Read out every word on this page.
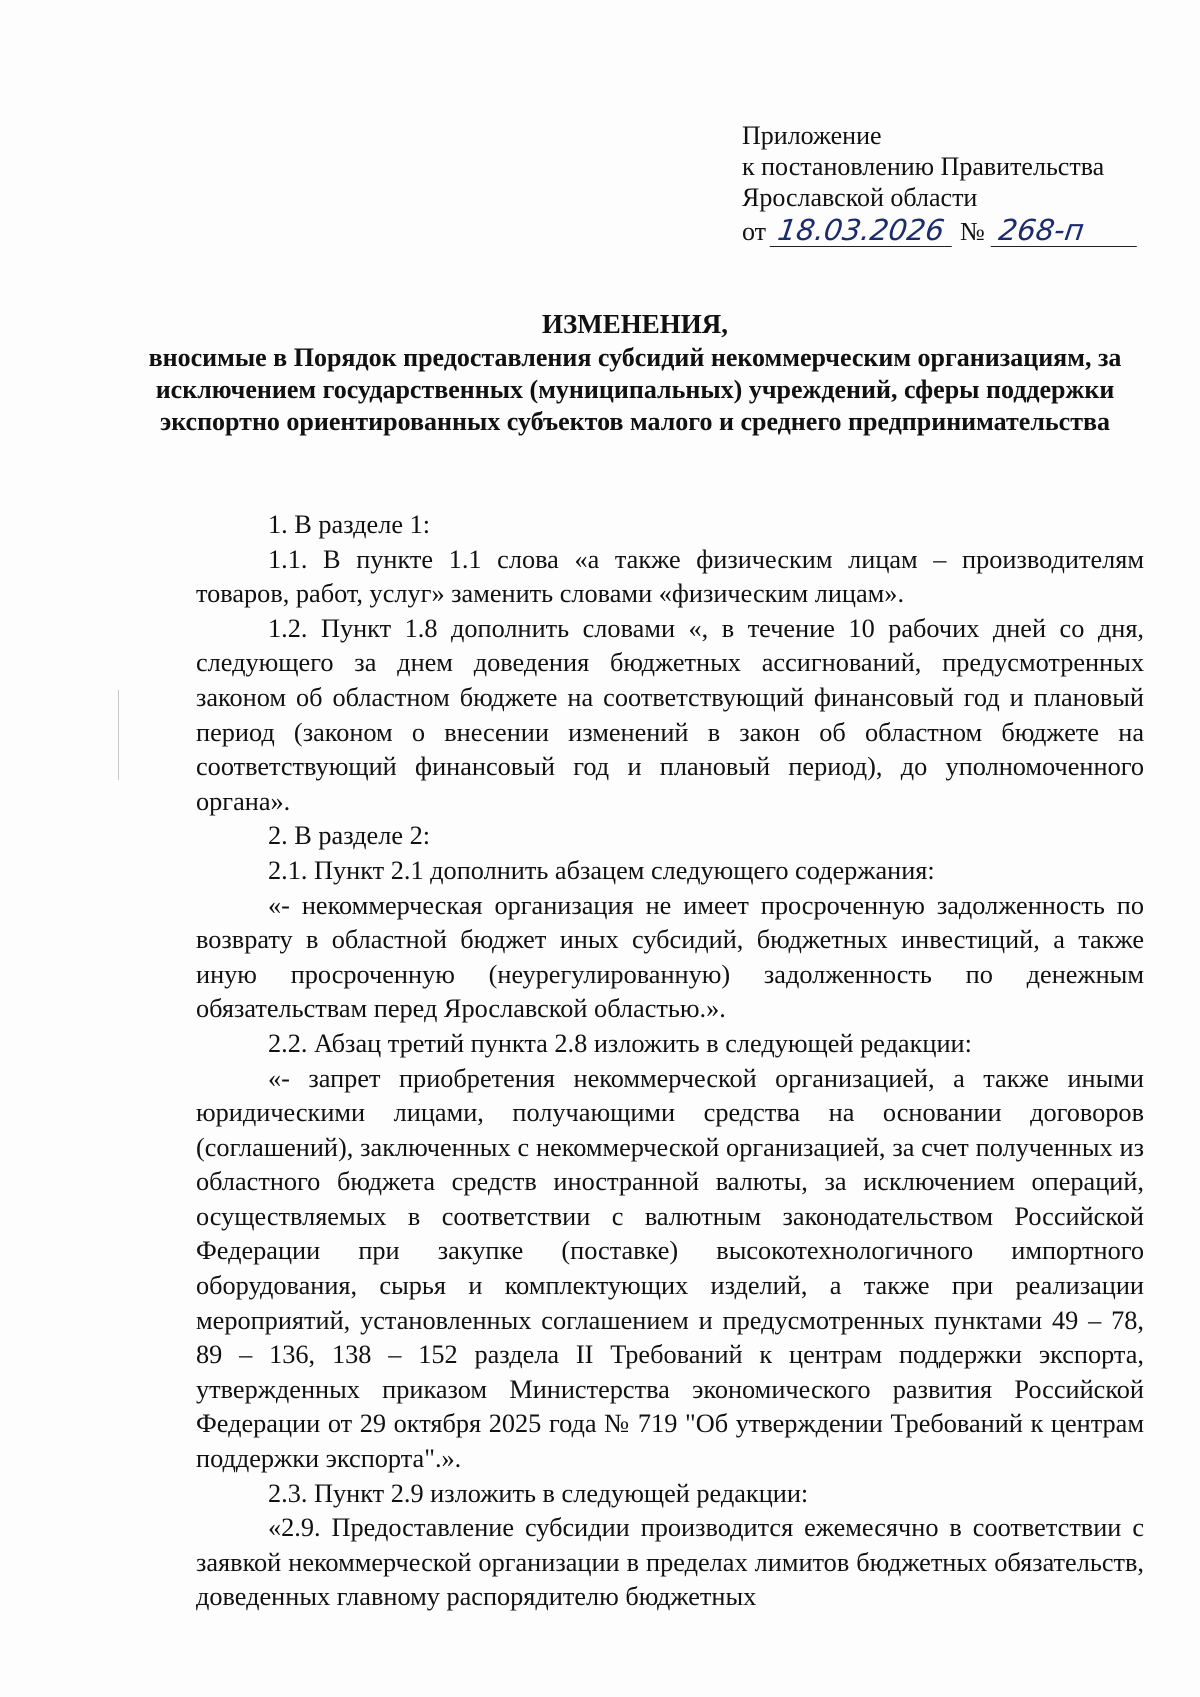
Приложение
к постановлению Правительства
Ярославской области
от 18.03.2026 № 268-п
ИЗМЕНЕНИЯ,
вносимые в Порядок предоставления субсидий некоммерческим организациям, за исключением государственных (муниципальных) учреждений, сферы поддержки экспортно ориентированных субъектов малого и среднего предпринимательства

1. В разделе 1:

1.1. В пункте 1.1 слова «а также физическим лицам – производителям товаров, работ, услуг» заменить словами «физическим лицам».

1.2. Пункт 1.8 дополнить словами «, в течение 10 рабочих дней со дня, следующего за днем доведения бюджетных ассигнований, предусмотренных законом об областном бюджете на соответствующий финансовый год и плановый период (законом о внесении изменений в закон об областном бюджете на соответствующий финансовый год и плановый период), до уполномоченного органа».

2. В разделе 2:

2.1. Пункт 2.1 дополнить абзацем следующего содержания:

«- некоммерческая организация не имеет просроченную задолженность по возврату в областной бюджет иных субсидий, бюджетных инвестиций, а также иную просроченную (неурегулированную) задолженность по денежным обязательствам перед Ярославской областью.».

2.2. Абзац третий пункта 2.8 изложить в следующей редакции:

«- запрет приобретения некоммерческой организацией, а также иными юридическими лицами, получающими средства на основании договоров (соглашений), заключенных с некоммерческой организацией, за счет полученных из областного бюджета средств иностранной валюты, за исключением операций, осуществляемых в соответствии с валютным законодательством Российской Федерации при закупке (поставке) высокотехнологичного импортного оборудования, сырья и комплектующих изделий, а также при реализации мероприятий, установленных соглашением и предусмотренных пунктами 49 – 78, 89 – 136, 138 – 152 раздела II Требований к центрам поддержки экспорта, утвержденных приказом Министерства экономического развития Российской Федерации от 29 октября 2025 года № 719 "Об утверждении Требований к центрам поддержки экспорта".».

2.3. Пункт 2.9 изложить в следующей редакции:

«2.9. Предоставление субсидии производится ежемесячно в соответствии с заявкой некоммерческой организации в пределах лимитов бюджетных обязательств, доведенных главному распорядителю бюджетных
